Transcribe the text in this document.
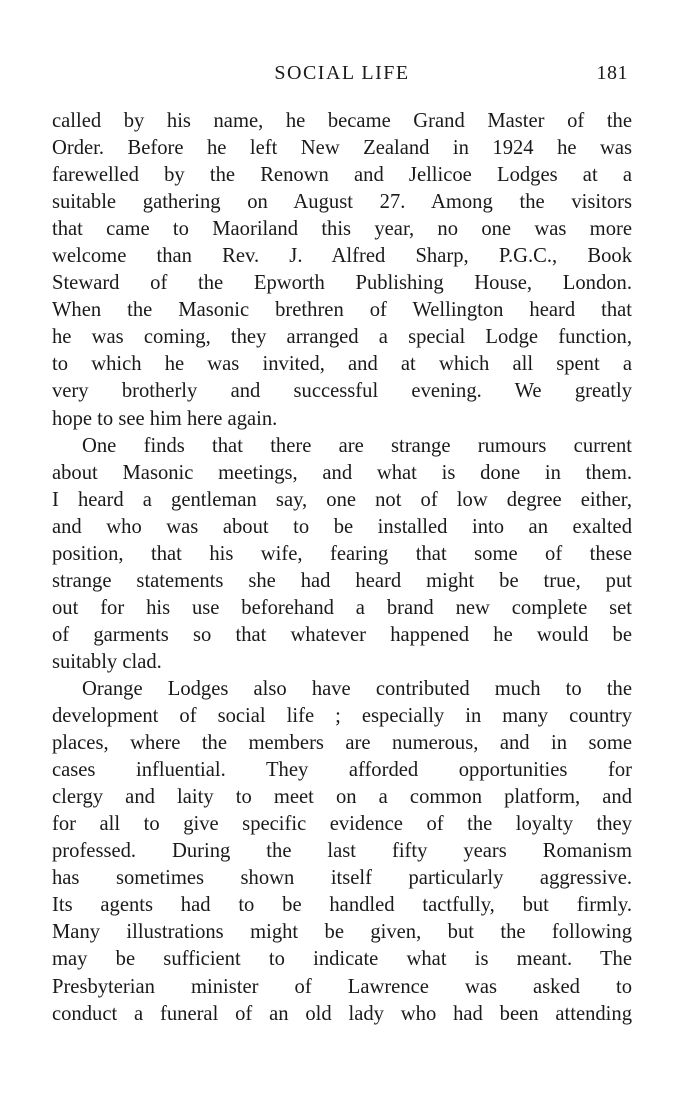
SOCIAL LIFE	181
called by his name, he became Grand Master of the
Order. Before he left New Zealand in 1924 he was
farewelled by the Renown and Jellicoe Lodges at a
suitable gathering on August 27. Among the visitors
that came to Maoriland this year, no one was more
welcome than Rev. J. Alfred Sharp, P.G.C., Book
Steward of the Epworth Publishing House, London.
When the Masonic brethren of Wellington heard that
he was coming, they arranged a special Lodge function,
to which he was invited, and at which all spent a
very brotherly and successful evening. We greatly
hope to see him here again.
One finds that there are strange rumours current
about Masonic meetings, and what is done in them.
I heard a gentleman say, one not of low degree either,
and who was about to be installed into an exalted
position, that his wife, fearing that some of these
strange statements she had heard might be true, put
out for his use beforehand a brand new complete set
of garments so that whatever happened he would be
suitably clad.
Orange Lodges also have contributed much to the
development of social life ; especially in many country
places, where the members are numerous, and in some
cases influential. They afforded opportunities for
clergy and laity to meet on a common platform, and
for all to give specific evidence of the loyalty they
professed. During the last fifty years Romanism
has sometimes shown itself particularly aggressive.
Its agents had to be handled tactfully, but firmly.
Many illustrations might be given, but the following
may be sufficient to indicate what is meant. The
Presbyterian minister of Lawrence was asked to
conduct a funeral of an old lady who had been attending
